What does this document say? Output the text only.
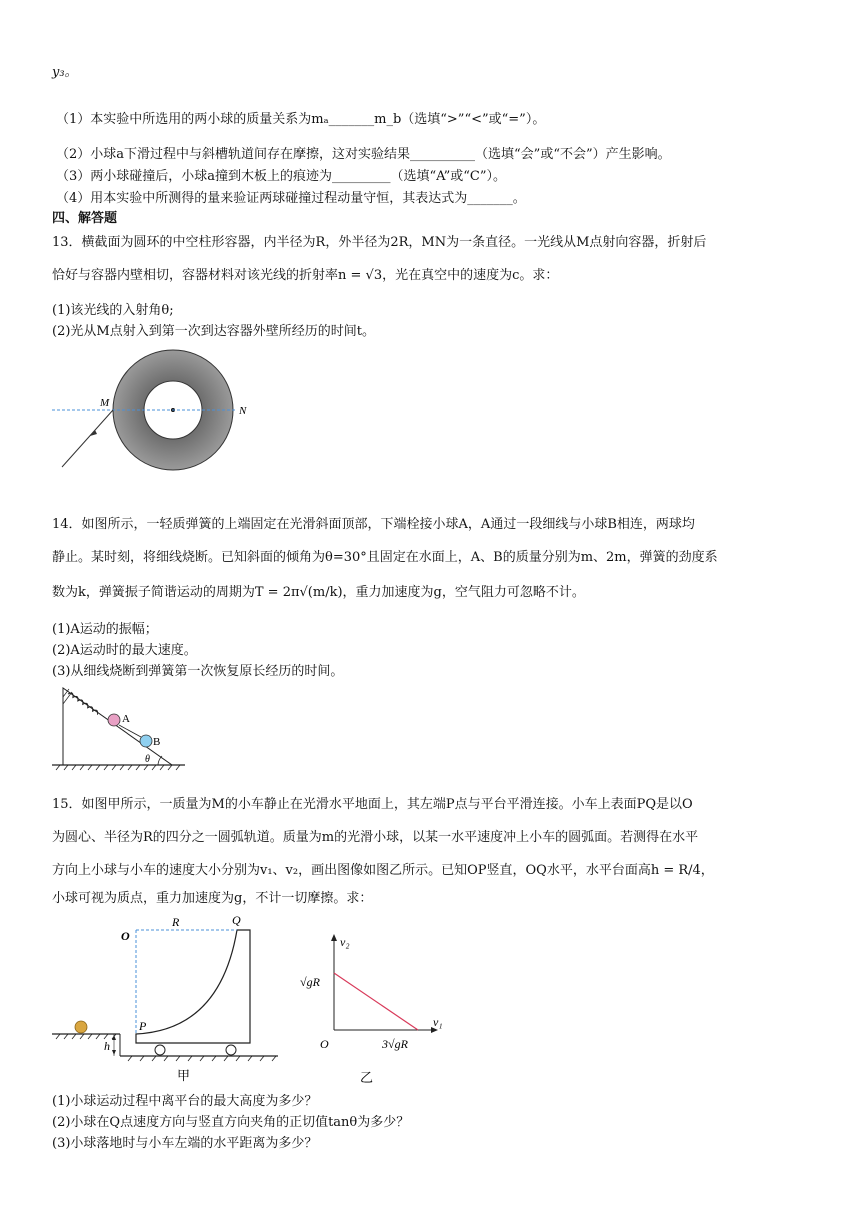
y₃。
（1）本实验中所选用的两小球的质量关系为mₐ_______m_b（选填“>”“<”或“=”）。
（2）小球a下滑过程中与斜槽轨道间存在摩擦，这对实验结果__________（选填“会”或“不会”）产生影响。
（3）两小球碰撞后，小球a撞到木板上的痕迹为_________（选填“A”或“C”）。
（4）用本实验中所测得的量来验证两球碰撞过程动量守恒，其表达式为_______。
四、解答题
13．横截面为圆环的中空柱形容器，内半径为R，外半径为2R，MN为一条直径。一光线从M点射向容器，折射后
恰好与容器内壁相切，容器材料对该光线的折射率n = √3，光在真空中的速度为c。求：
(1)该光线的入射角θ;
(2)光从M点射入到第一次到达容器外壁所经历的时间t。
M
N
14．如图所示，一轻质弹簧的上端固定在光滑斜面顶部，下端栓接小球A，A通过一段细线与小球B相连，两球均
静止。某时刻，将细线烧断。已知斜面的倾角为θ=30°且固定在水面上，A、B的质量分别为m、2m，弹簧的劲度系
数为k，弹簧振子简谐运动的周期为T = 2π√(m/k)，重力加速度为g，空气阻力可忽略不计。
(1)A运动的振幅；
(2)A运动时的最大速度。
(3)从细线烧断到弹簧第一次恢复原长经历的时间。
A
B
θ
15．如图甲所示，一质量为M的小车静止在光滑水平地面上，其左端P点与平台平滑连接。小车上表面PQ是以O
为圆心、半径为R的四分之一圆弧轨道。质量为m的光滑小球，以某一水平速度冲上小车的圆弧面。若测得在水平
方向上小球与小车的速度大小分别为v₁、v₂，画出图像如图乙所示。已知OP竖直，OQ水平，水平台面高h = R/4，
小球可视为质点，重力加速度为g，不计一切摩擦。求：
O
R	Q
P
h
甲
v₂
v₁
O
√gR
3√gR
乙
(1)小球运动过程中离平台的最大高度为多少？
(2)小球在Q点速度方向与竖直方向夹角的正切值tanθ为多少？
(3)小球落地时与小车左端的水平距离为多少？
